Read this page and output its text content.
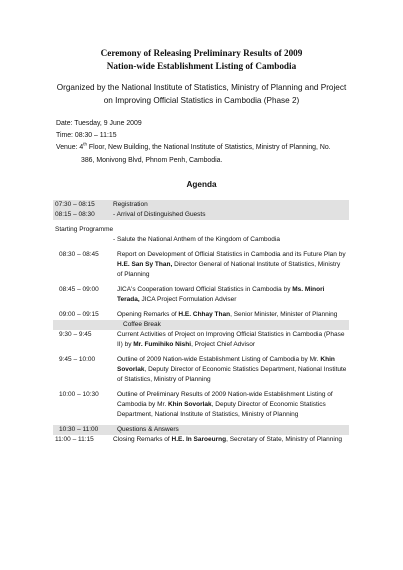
Ceremony of Releasing Preliminary Results of 2009
Nation-wide Establishment Listing of Cambodia
Organized by the National Institute of Statistics, Ministry of Planning and Project
on Improving Official Statistics in Cambodia (Phase 2)
Date: Tuesday, 9 June 2009
Time: 08:30 – 11:15
Venue: 4th Floor, New Building, the National Institute of Statistics, Ministry of Planning, No.
386, Monivong Blvd, Phnom Penh, Cambodia.
Agenda
07:30 – 08:15	Registration
08:15 – 08:30	- Arrival of Distinguished Guests
Starting Programme
- Salute the National Anthem of the Kingdom of Cambodia
08:30 – 08:45	Report on Development of Official Statistics in Cambodia and its Future Plan by H.E. San Sy Than, Director General of National Institute of Statistics, Ministry of Planning
08:45 – 09:00	JICA's Cooperation toward Official Statistics in Cambodia by Ms. Minori Terada, JICA Project Formulation Adviser
09:00 – 09:15	Opening Remarks of H.E. Chhay Than, Senior Minister, Minister of Planning
Coffee Break
9:30 – 9:45	Current Activities of Project on Improving Official Statistics in Cambodia (Phase II) by Mr. Fumihiko Nishi, Project Chief Advisor
9:45 – 10:00	Outline of 2009 Nation-wide Establishment Listing of Cambodia by Mr. Khin Sovorlak, Deputy Director of Economic Statistics Department, National Institute of Statistics, Ministry of Planning
10:00 – 10:30	Outline of Preliminary Results of 2009 Nation-wide Establishment Listing of Cambodia by Mr. Khin Sovorlak, Deputy Director of Economic Statistics Department, National Institute of Statistics, Ministry of Planning
10:30 – 11:00	Questions & Answers
11:00 – 11:15	Closing Remarks of H.E. In Saroeurng, Secretary of State, Ministry of Planning
